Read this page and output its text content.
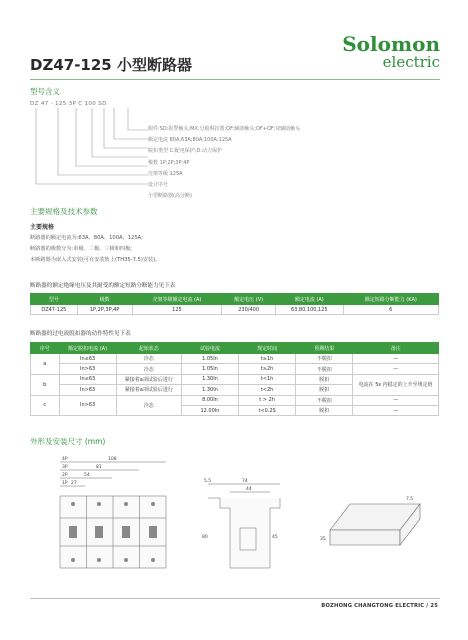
Solomon
electric
DZ47-125 小型断路器
型号含义
DZ 47 - 125 3P C 100 SD
附件:SD:报警触头;MX:分励脱扣器;OF:辅助触头;OF+OF:双辅助触头
额定电流 80A;63A;80A;100A;125A
脱扣类型 C:配电保护;D:动力保护
极数 1P;2P;3P;4P
壳架等级 125A
设计序号
小型断路器(高分断)
主要规格及技术参数
主要规格
断路器的额定电流为:63A、80A、100A、125A;
断路器的极数分为:单极、二极、三极和四极;
本断路器为嵌入式安装(可在安装轨上(TH35-7.5)安装)。
断路器的额定绝缘电压及其耐受的额定短路分断能力见下表
型号	极数	壳架等级额定电流 (A)	额定电压 (V)	额定电流 (A)	额定短路分断能力 (KA)
DZ47-125	1P,2P,3P,4P	125	230/400	63,80,100,125	6
断路器的过电流脱扣器的动作特性见下表
序号	额定脱扣电流 (A)	起始状态	试验电流	规定时间	预期结果	备注
a	In≤63	冷态	1.05In	t≥1h	不脱扣	—
	In>63	冷态	1.05In	t≥2h	不脱扣	—
b	In≤63	紧接着a项试验后进行	1.30In	t<1h	脱扣	电流在 5s 内稳定的上升至规定值
	In>63	紧接着a项试验后进行	1.30In	t<2h	脱扣	
c	In>63	冷态	8.00In	t > 2h	不脱扣	—
			12.00In	t<0.2S	脱扣	—
外形及安装尺寸 (mm)
4P
3P
2P
1P
108
81
54
27	5.5	74
44
80	45
7.5
35
BOZHONG CHANGTONG ELECTRIC / 25
